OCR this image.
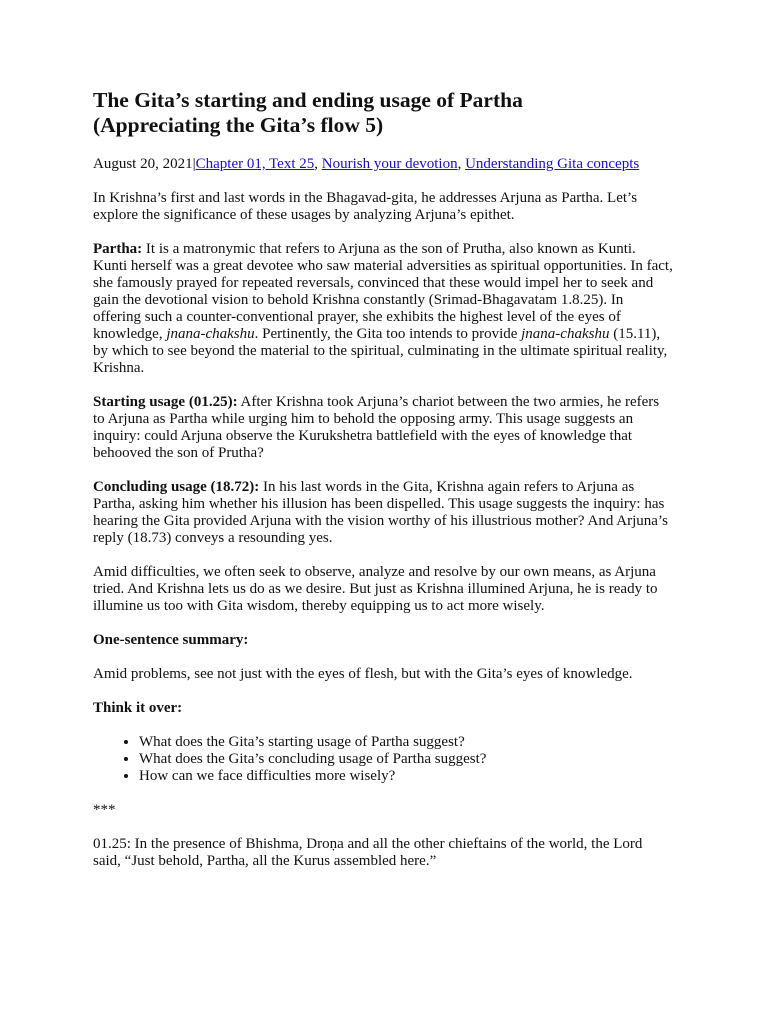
The Gita’s starting and ending usage of Partha
(Appreciating the Gita’s flow 5)

August 20, 2021|Chapter 01, Text 25, Nourish your devotion, Understanding Gita concepts

In Krishna’s first and last words in the Bhagavad-gita, he addresses Arjuna as Partha. Let’s explore the significance of these usages by analyzing Arjuna’s epithet.

Partha: It is a matronymic that refers to Arjuna as the son of Prutha, also known as Kunti. Kunti herself was a great devotee who saw material adversities as spiritual opportunities. In fact, she famously prayed for repeated reversals, convinced that these would impel her to seek and gain the devotional vision to behold Krishna constantly (Srimad-Bhagavatam 1.8.25). In offering such a counter-conventional prayer, she exhibits the highest level of the eyes of knowledge, jnana-chakshu. Pertinently, the Gita too intends to provide jnana-chakshu (15.11), by which to see beyond the material to the spiritual, culminating in the ultimate spiritual reality, Krishna.

Starting usage (01.25): After Krishna took Arjuna’s chariot between the two armies, he refers to Arjuna as Partha while urging him to behold the opposing army. This usage suggests an inquiry: could Arjuna observe the Kurukshetra battlefield with the eyes of knowledge that behooved the son of Prutha?

Concluding usage (18.72): In his last words in the Gita, Krishna again refers to Arjuna as Partha, asking him whether his illusion has been dispelled. This usage suggests the inquiry: has hearing the Gita provided Arjuna with the vision worthy of his illustrious mother? And Arjuna’s reply (18.73) conveys a resounding yes.

Amid difficulties, we often seek to observe, analyze and resolve by our own means, as Arjuna tried. And Krishna lets us do as we desire. But just as Krishna illumined Arjuna, he is ready to illumine us too with Gita wisdom, thereby equipping us to act more wisely.

One-sentence summary:

Amid problems, see not just with the eyes of flesh, but with the Gita’s eyes of knowledge.

Think it over:

• What does the Gita’s starting usage of Partha suggest?
• What does the Gita’s concluding usage of Partha suggest?
• How can we face difficulties more wisely?

***

01.25: In the presence of Bhishma, Droṇa and all the other chieftains of the world, the Lord said, “Just behold, Partha, all the Kurus assembled here.”
